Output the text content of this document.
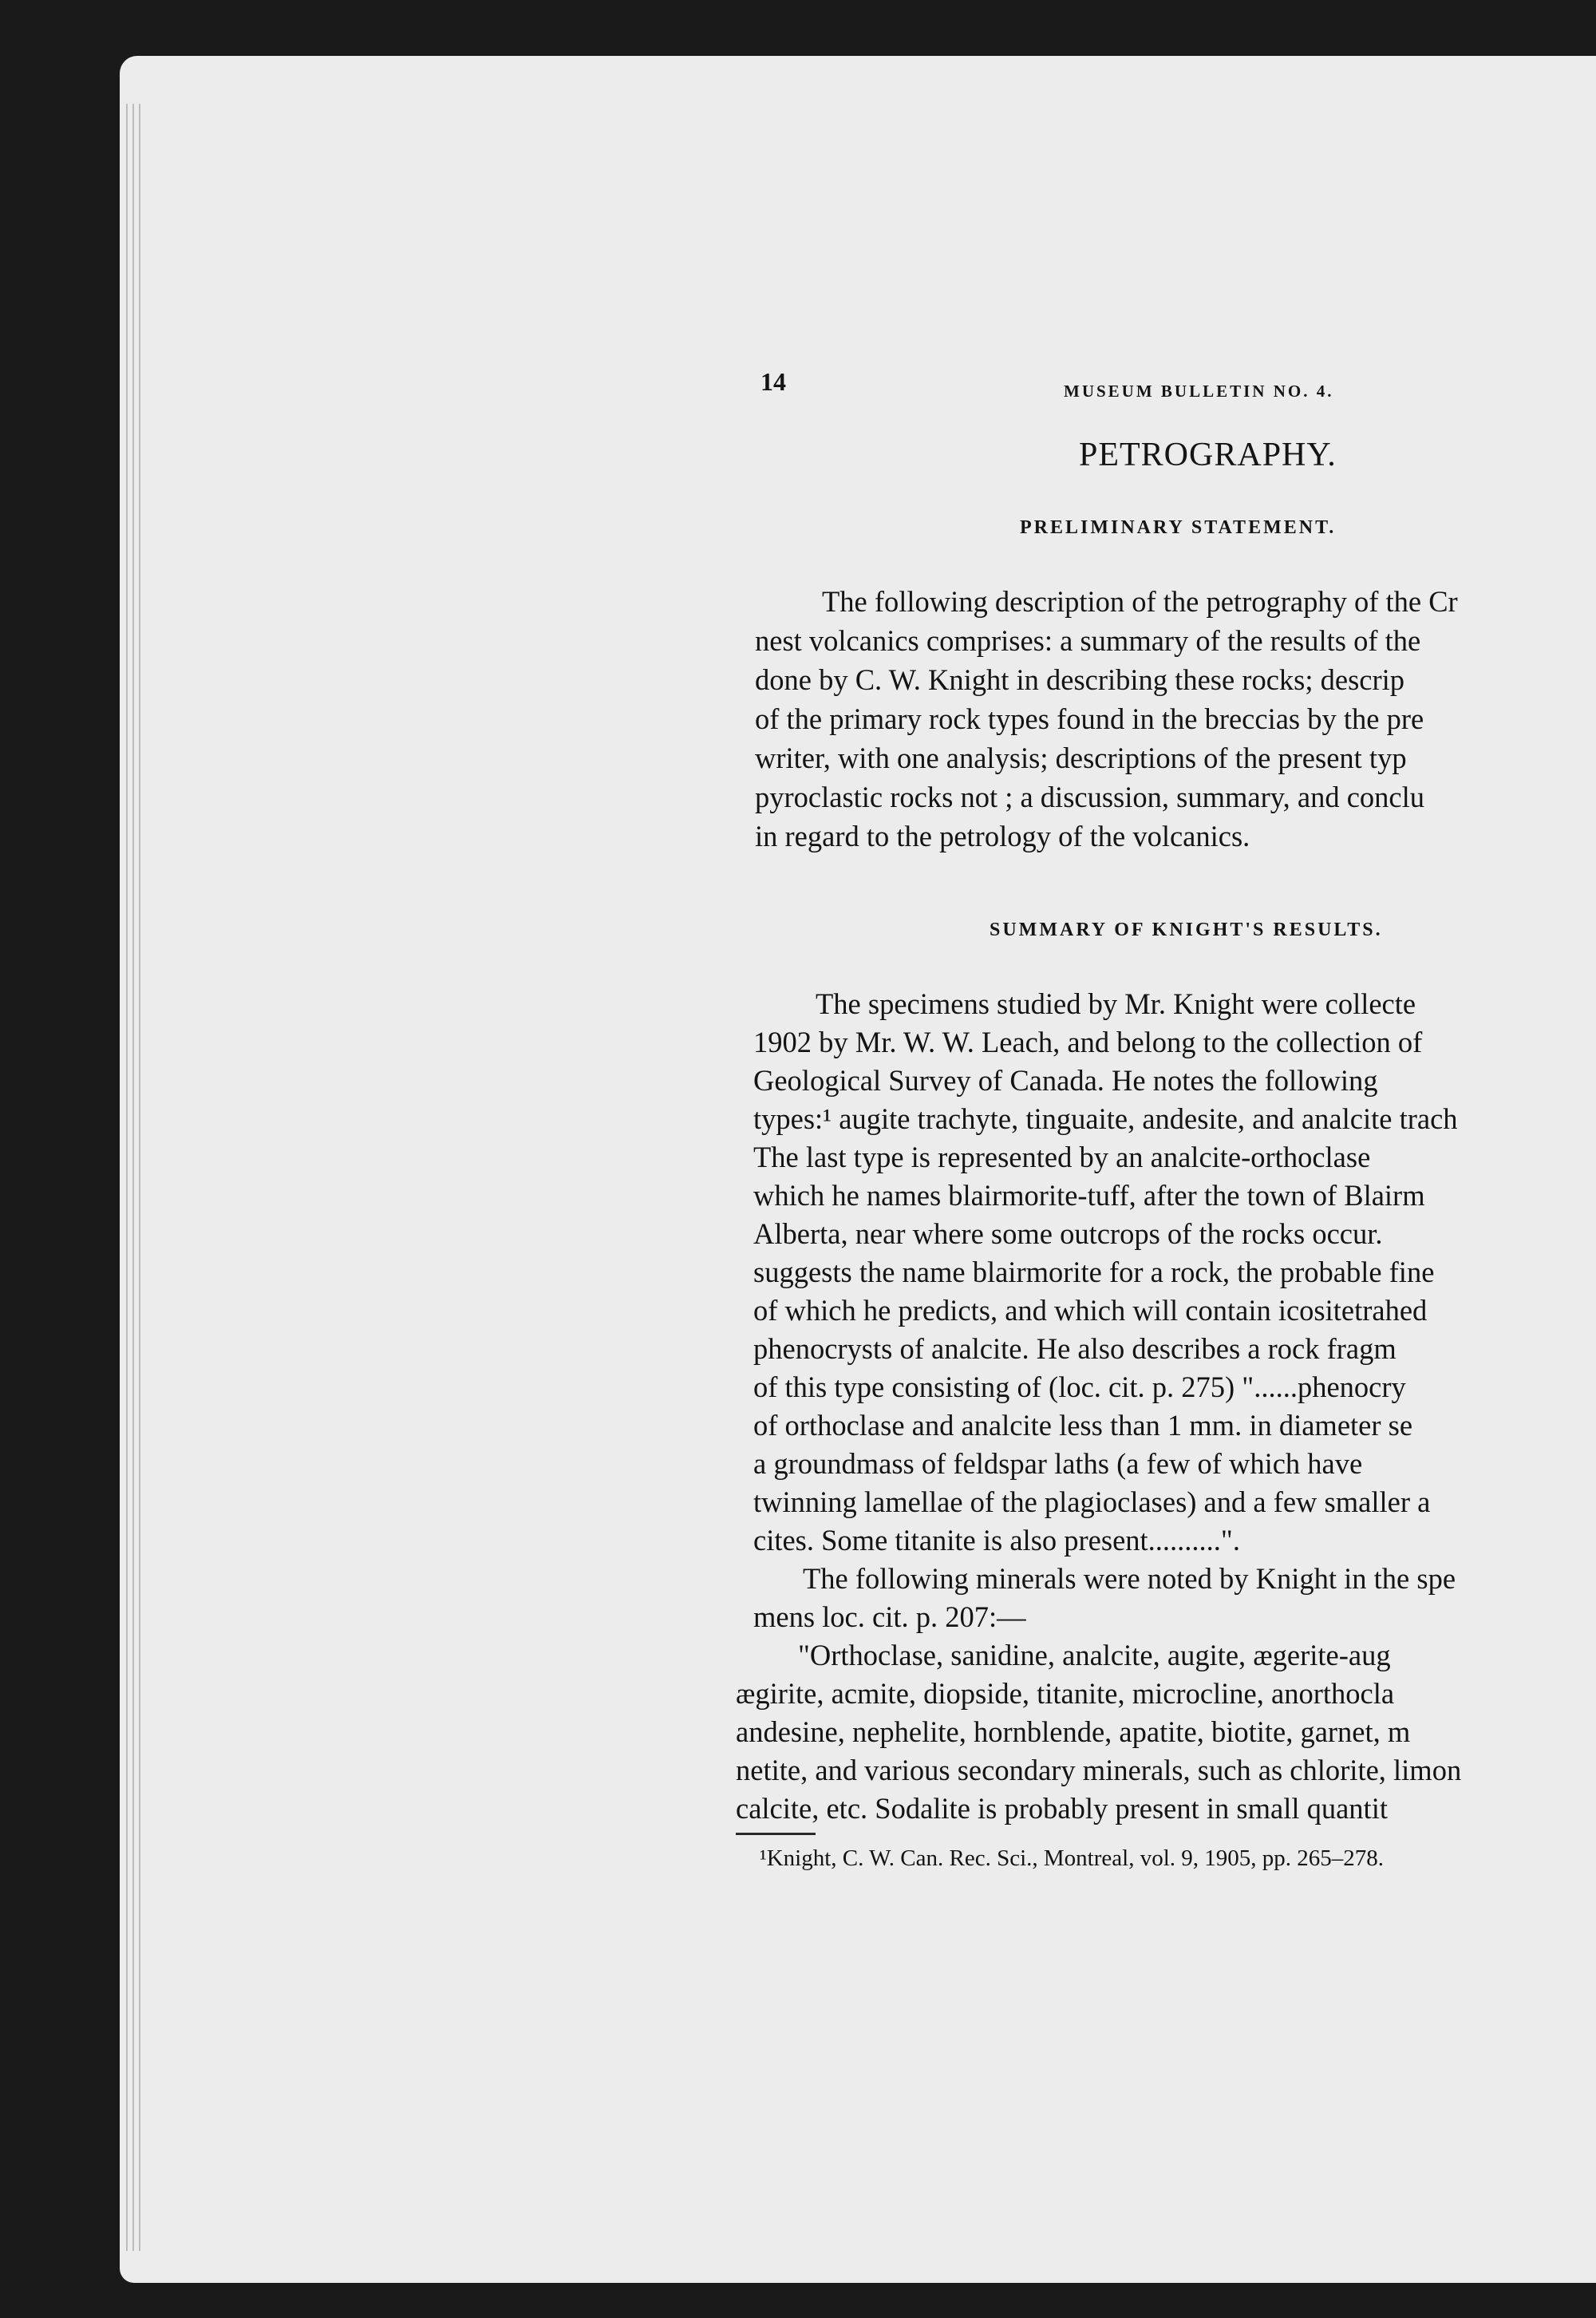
14	MUSEUM BULLETIN NO. 4.
PETROGRAPHY.
PRELIMINARY STATEMENT.
The following description of the petrography of the Cr
nest volcanics comprises: a summary of the results of the
done by C. W. Knight in describing these rocks; descrip
of the primary rock types found in the breccias by the pre
writer, with one analysis; descriptions of the present typ
pyroclastic rocks not ; a discussion, summary, and conclu
in regard to the petrology of the volcanics.
SUMMARY OF KNIGHT'S RESULTS.
The specimens studied by Mr. Knight were collecte
1902 by Mr. W. W. Leach, and belong to the collection of
Geological Survey of Canada. He notes the following
types:¹ augite trachyte, tinguaite, andesite, and analcite trach
The last type is represented by an analcite-orthoclase
which he names blairmorite-tuff, after the town of Blairm
Alberta, near where some outcrops of the rocks occur.
suggests the name blairmorite for a rock, the probable fine
of which he predicts, and which will contain icositetrahed
phenocrysts of analcite. He also describes a rock fragm
of this type consisting of (loc. cit. p. 275) "......phenocry
of orthoclase and analcite less than 1 mm. in diameter se
a groundmass of feldspar laths (a few of which have
twinning lamellae of the plagioclases) and a few smaller a
cites. Some titanite is also present..........".
The following minerals were noted by Knight in the spe
mens loc. cit. p. 207:—
"Orthoclase, sanidine, analcite, augite, ægerite-aug
ægirite, acmite, diopside, titanite, microcline, anorthocla
andesine, nephelite, hornblende, apatite, biotite, garnet, m
netite, and various secondary minerals, such as chlorite, limon
calcite, etc. Sodalite is probably present in small quantit
¹Knight, C. W. Can. Rec. Sci., Montreal, vol. 9, 1905, pp. 265–278.
